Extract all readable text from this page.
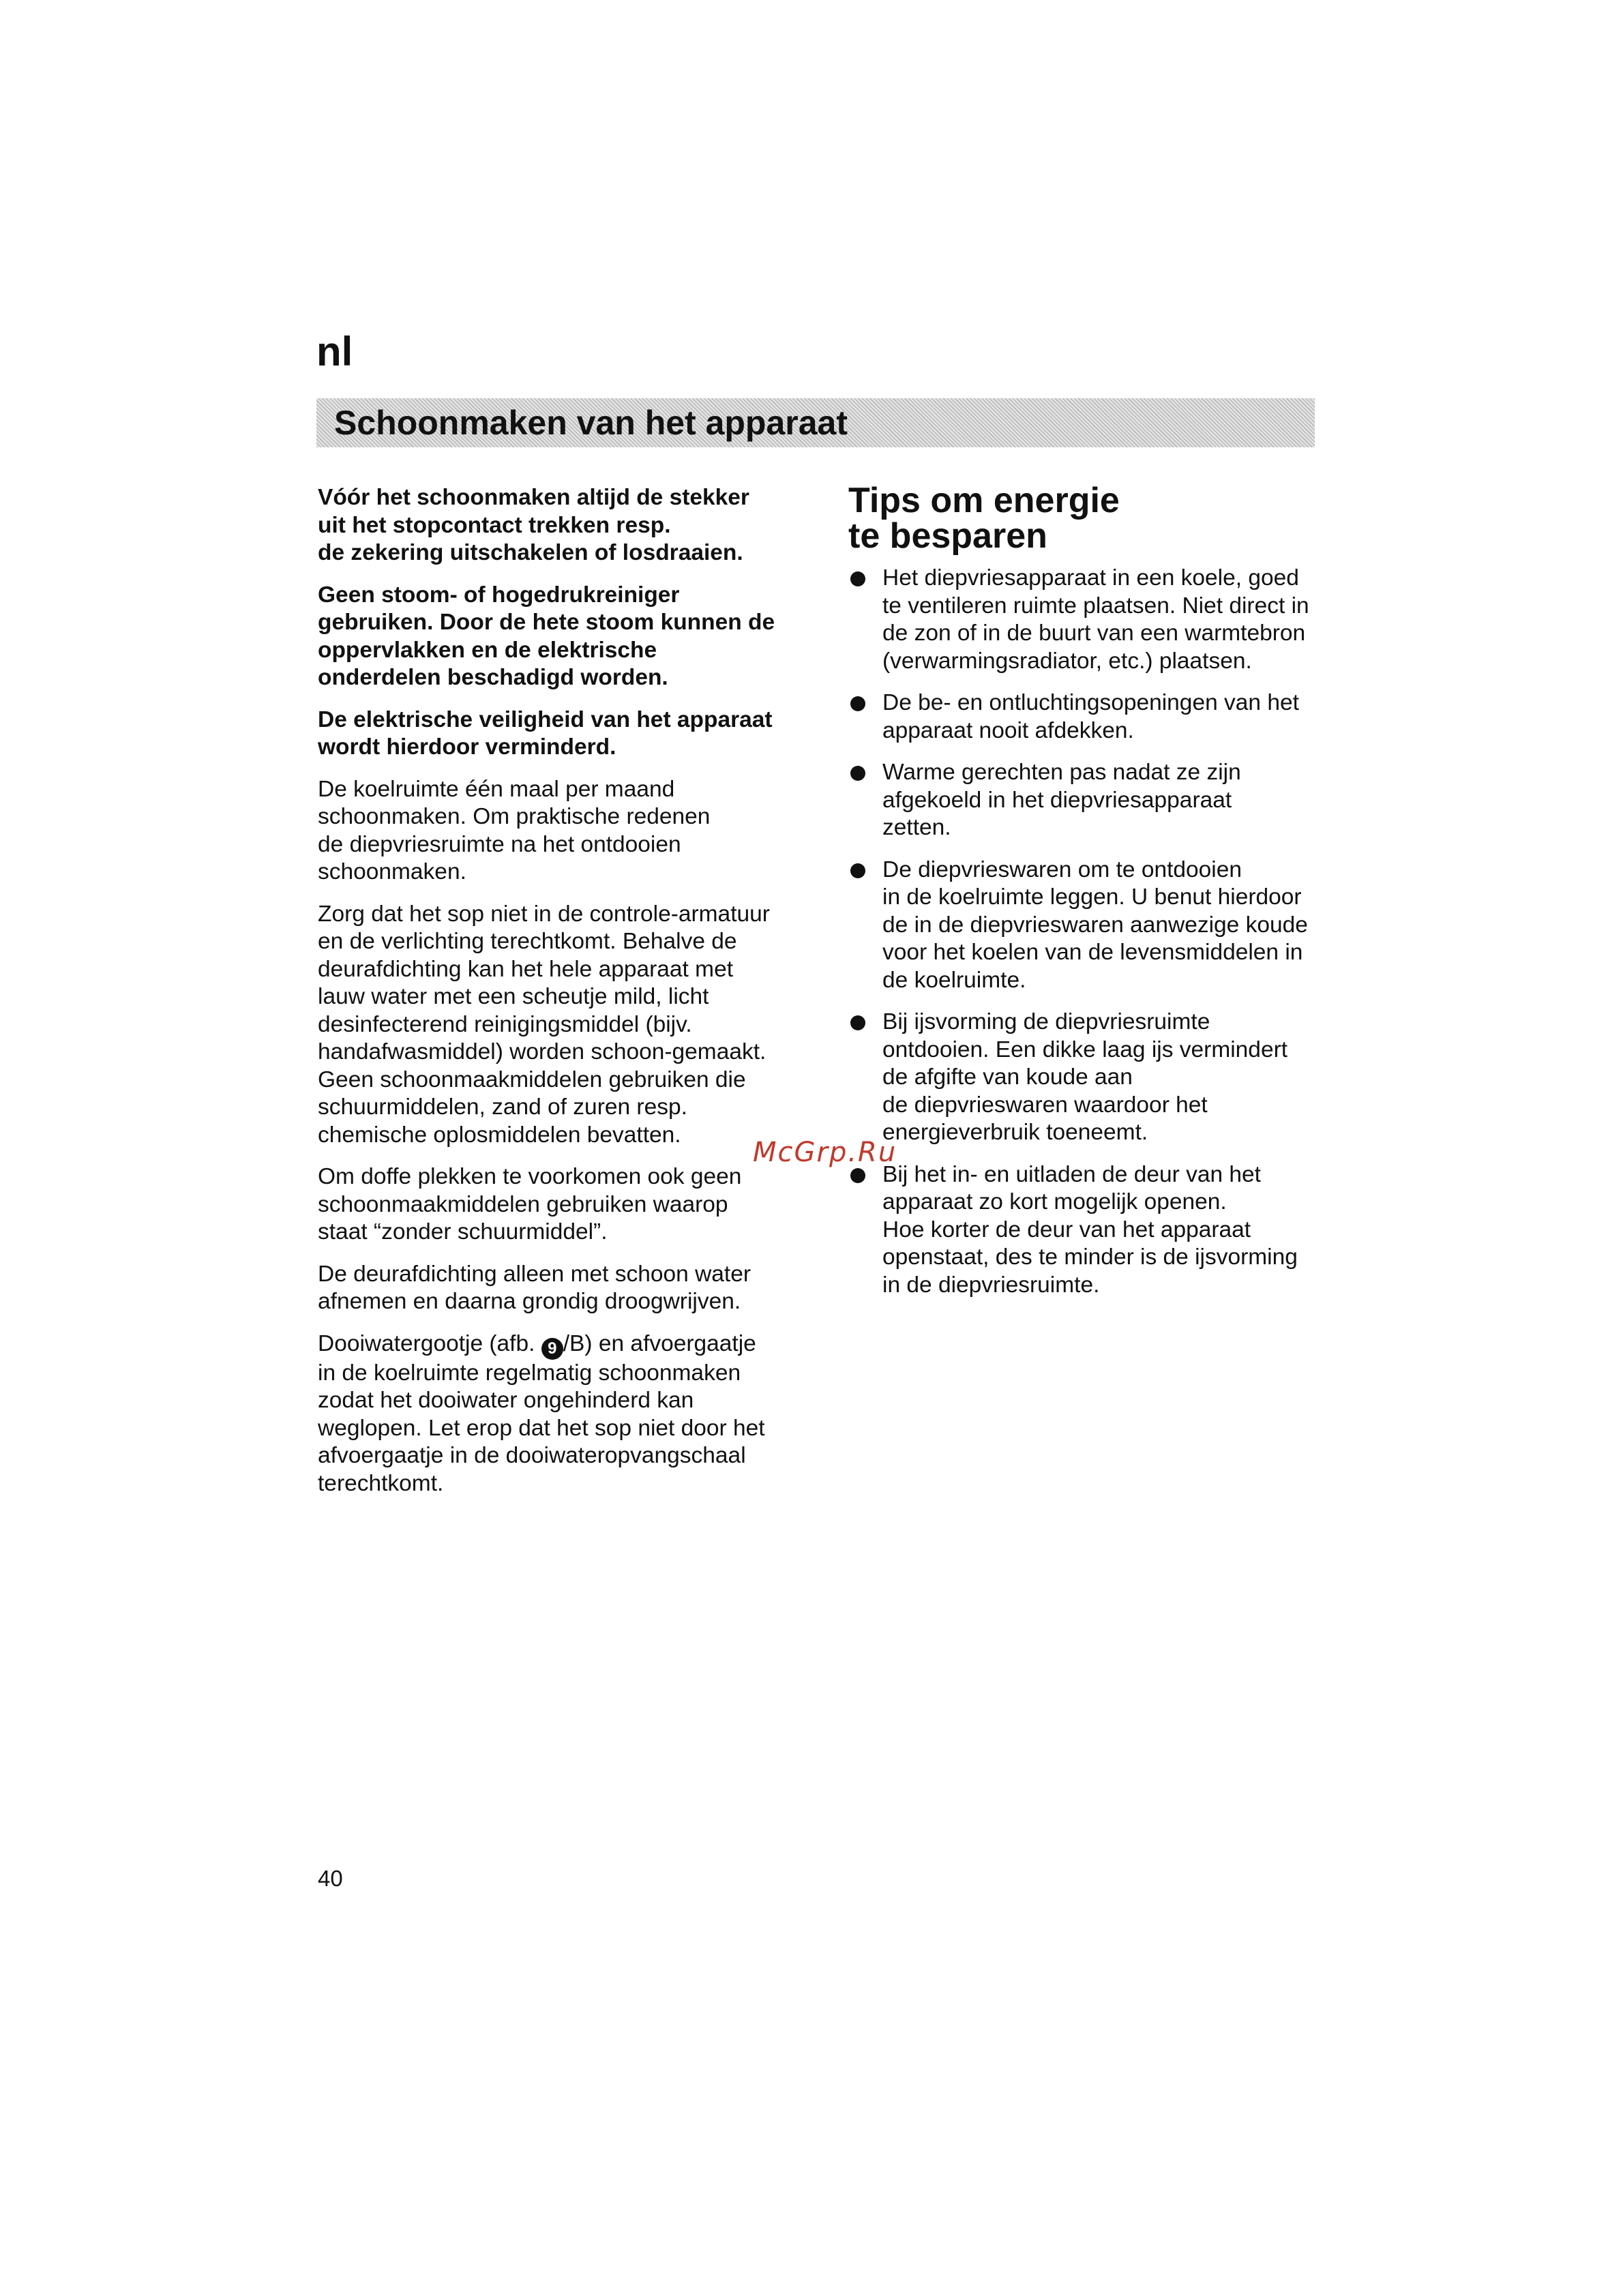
nl
Schoonmaken van het apparaat

Vóór het schoonmaken altijd de stekker
uit het stopcontact trekken resp.
de zekering uitschakelen of losdraaien.

Geen stoom- of hogedrukreiniger
gebruiken. Door de hete stoom kunnen de
oppervlakken en de elektrische
onderdelen beschadigd worden.

De elektrische veiligheid van het apparaat
wordt hierdoor verminderd.

De koelruimte één maal per maand
schoonmaken. Om praktische redenen
de diepvriesruimte na het ontdooien
schoonmaken.

Zorg dat het sop niet in de controle-armatuur
en de verlichting terechtkomt. Behalve de
deurafdichting kan het hele apparaat met
lauw water met een scheutje mild, licht
desinfecterend reinigingsmiddel (bijv.
handafwasmiddel) worden schoon-gemaakt.
Geen schoonmaakmiddelen gebruiken die
schuurmiddelen, zand of zuren resp.
chemische oplosmiddelen bevatten.

Om doffe plekken te voorkomen ook geen
schoonmaakmiddelen gebruiken waarop
staat “zonder schuurmiddel”.

De deurafdichting alleen met schoon water
afnemen en daarna grondig droogwrijven.

Dooiwatergootje (afb. 9 /B) en afvoergaatje
in de koelruimte regelmatig schoonmaken
zodat het dooiwater ongehinderd kan
weglopen. Let erop dat het sop niet door het
afvoergaatje in de dooiwateropvangschaal
terechtkomt.

Tips om energie
te besparen
Het diepvriesapparaat in een koele, goed
te ventileren ruimte plaatsen. Niet direct in
de zon of in de buurt van een warmtebron
(verwarmingsradiator, etc.) plaatsen.
De be- en ontluchtingsopeningen van het
apparaat nooit afdekken.
Warme gerechten pas nadat ze zijn
afgekoeld in het diepvriesapparaat
zetten.
De diepvrieswaren om te ontdooien
in de koelruimte leggen. U benut hierdoor
de in de diepvrieswaren aanwezige koude
voor het koelen van de levensmiddelen in
de koelruimte.
Bij ijsvorming de diepvriesruimte
ontdooien. Een dikke laag ijs vermindert
de afgifte van koude aan
de diepvrieswaren waardoor het
energieverbruik toeneemt.
Bij het in- en uitladen de deur van het
apparaat zo kort mogelijk openen.
Hoe korter de deur van het apparaat
openstaat, des te minder is de ijsvorming
in de diepvriesruimte.
McGrp.Ru
40
